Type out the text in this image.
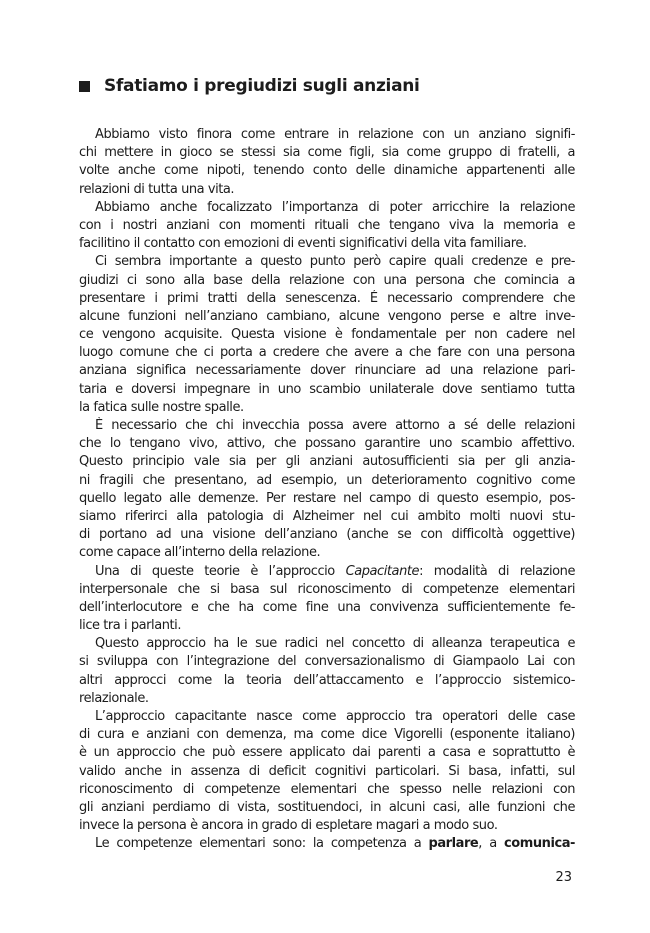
Sfatiamo i pregiudizi sugli anziani
Abbiamo visto finora come entrare in relazione con un anziano signifi-
chi mettere in gioco se stessi sia come figli, sia come gruppo di fratelli, a
volte anche come nipoti, tenendo conto delle dinamiche appartenenti alle
relazioni di tutta una vita.
Abbiamo anche focalizzato l’importanza di poter arricchire la relazione
con i nostri anziani con momenti rituali che tengano viva la memoria e
facilitino il contatto con emozioni di eventi significativi della vita familiare.
Ci sembra importante a questo punto però capire quali credenze e pre-
giudizi ci sono alla base della relazione con una persona che comincia a
presentare i primi tratti della senescenza. É necessario comprendere che
alcune funzioni nell’anziano cambiano, alcune vengono perse e altre inve-
ce vengono acquisite. Questa visione è fondamentale per non cadere nel
luogo comune che ci porta a credere che avere a che fare con una persona
anziana significa necessariamente dover rinunciare ad una relazione pari-
taria e doversi impegnare in uno scambio unilaterale dove sentiamo tutta
la fatica sulle nostre spalle.
È necessario che chi invecchia possa avere attorno a sé delle relazioni
che lo tengano vivo, attivo, che possano garantire uno scambio affettivo.
Questo principio vale sia per gli anziani autosufficienti sia per gli anzia-
ni fragili che presentano, ad esempio, un deterioramento cognitivo come
quello legato alle demenze. Per restare nel campo di questo esempio, pos-
siamo riferirci alla patologia di Alzheimer nel cui ambito molti nuovi stu-
di portano ad una visione dell’anziano (anche se con difficoltà oggettive)
come capace all’interno della relazione.
Una di queste teorie è l’approccio Capacitante: modalità di relazione
interpersonale che si basa sul riconoscimento di competenze elementari
dell’interlocutore e che ha come fine una convivenza sufficientemente fe-
lice tra i parlanti.
Questo approccio ha le sue radici nel concetto di alleanza terapeutica e
si sviluppa con l’integrazione del conversazionalismo di Giampaolo Lai con
altri approcci come la teoria dell’attaccamento e l’approccio sistemico-
relazionale.
L’approccio capacitante nasce come approccio tra operatori delle case
di cura e anziani con demenza, ma come dice Vigorelli (esponente italiano)
è un approccio che può essere applicato dai parenti a casa e soprattutto è
valido anche in assenza di deficit cognitivi particolari. Si basa, infatti, sul
riconoscimento di competenze elementari che spesso nelle relazioni con
gli anziani perdiamo di vista, sostituendoci, in alcuni casi, alle funzioni che
invece la persona è ancora in grado di espletare magari a modo suo.
Le competenze elementari sono: la competenza a parlare, a comunica-
23
